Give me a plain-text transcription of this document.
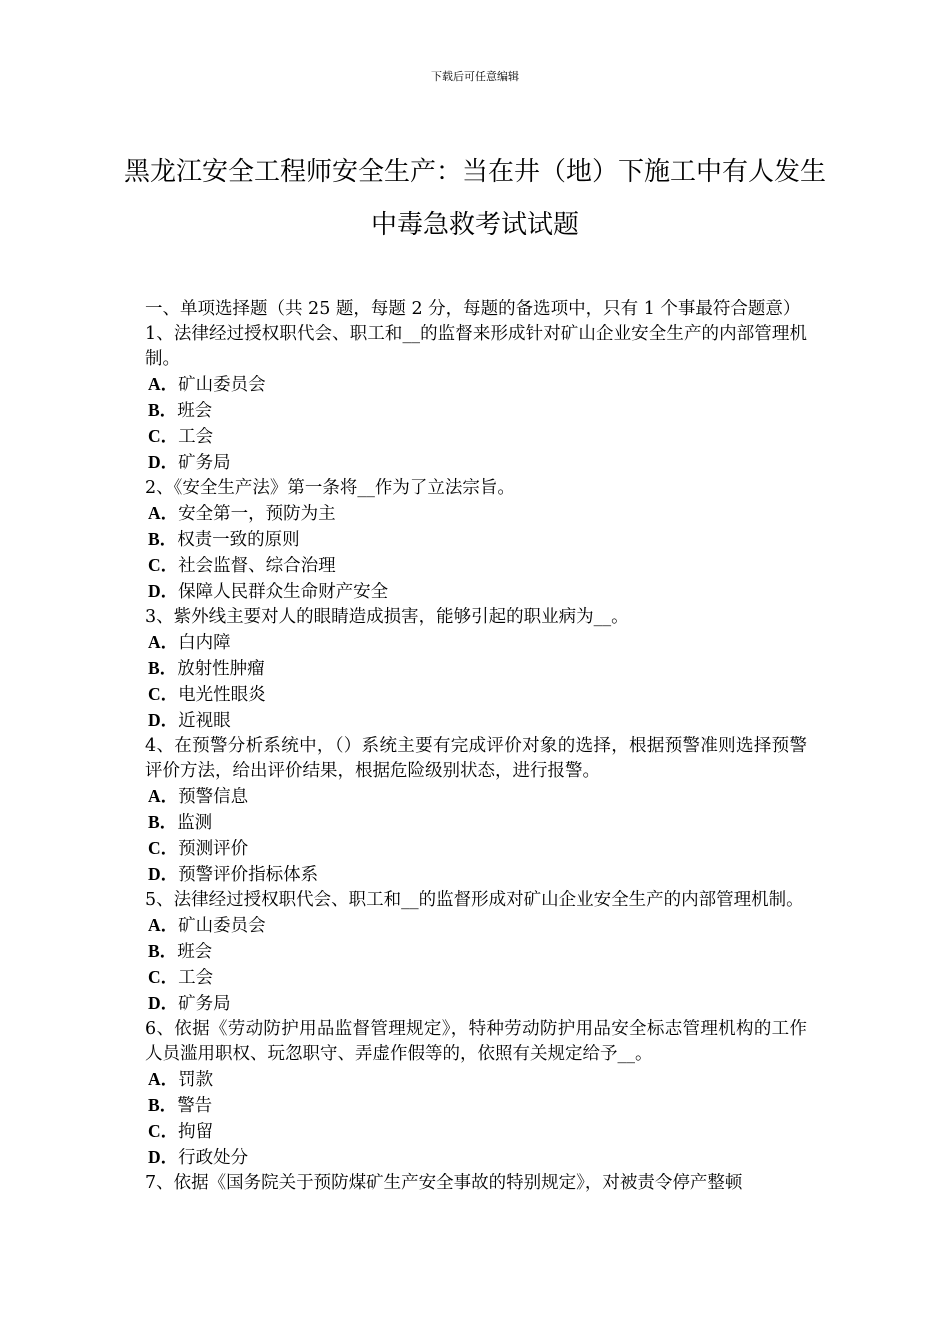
下载后可任意编辑
黑龙江安全工程师安全生产：当在井（地）下施工中有人发生中毒急救考试试题

一、单项选择题（共 25 题，每题 2 分，每题的备选项中，只有 1 个事最符合题意）

1、法律经过授权职代会、职工和__的监督来形成针对矿山企业安全生产的内部管理机制。

A．矿山委员会

B．班会

C．工会

D．矿务局

2、《安全生产法》第一条将__作为了立法宗旨。

A．安全第一，预防为主

B．权责一致的原则

C．社会监督、综合治理

D．保障人民群众生命财产安全

3、紫外线主要对人的眼睛造成损害，能够引起的职业病为__。

A．白内障

B．放射性肿瘤

C．电光性眼炎

D．近视眼

4、在预警分析系统中，（）系统主要有完成评价对象的选择，根据预警准则选择预警评价方法，给出评价结果，根据危险级别状态，进行报警。

A．预警信息

B．监测

C．预测评价

D．预警评价指标体系

5、法律经过授权职代会、职工和__的监督形成对矿山企业安全生产的内部管理机制。

A．矿山委员会

B．班会

C．工会

D．矿务局

6、依据《劳动防护用品监督管理规定》，特种劳动防护用品安全标志管理机构的工作人员滥用职权、玩忽职守、弄虚作假等的，依照有关规定给予__。

A．罚款

B．警告

C．拘留

D．行政处分

7、依据《国务院关于预防煤矿生产安全事故的特别规定》，对被责令停产整顿
